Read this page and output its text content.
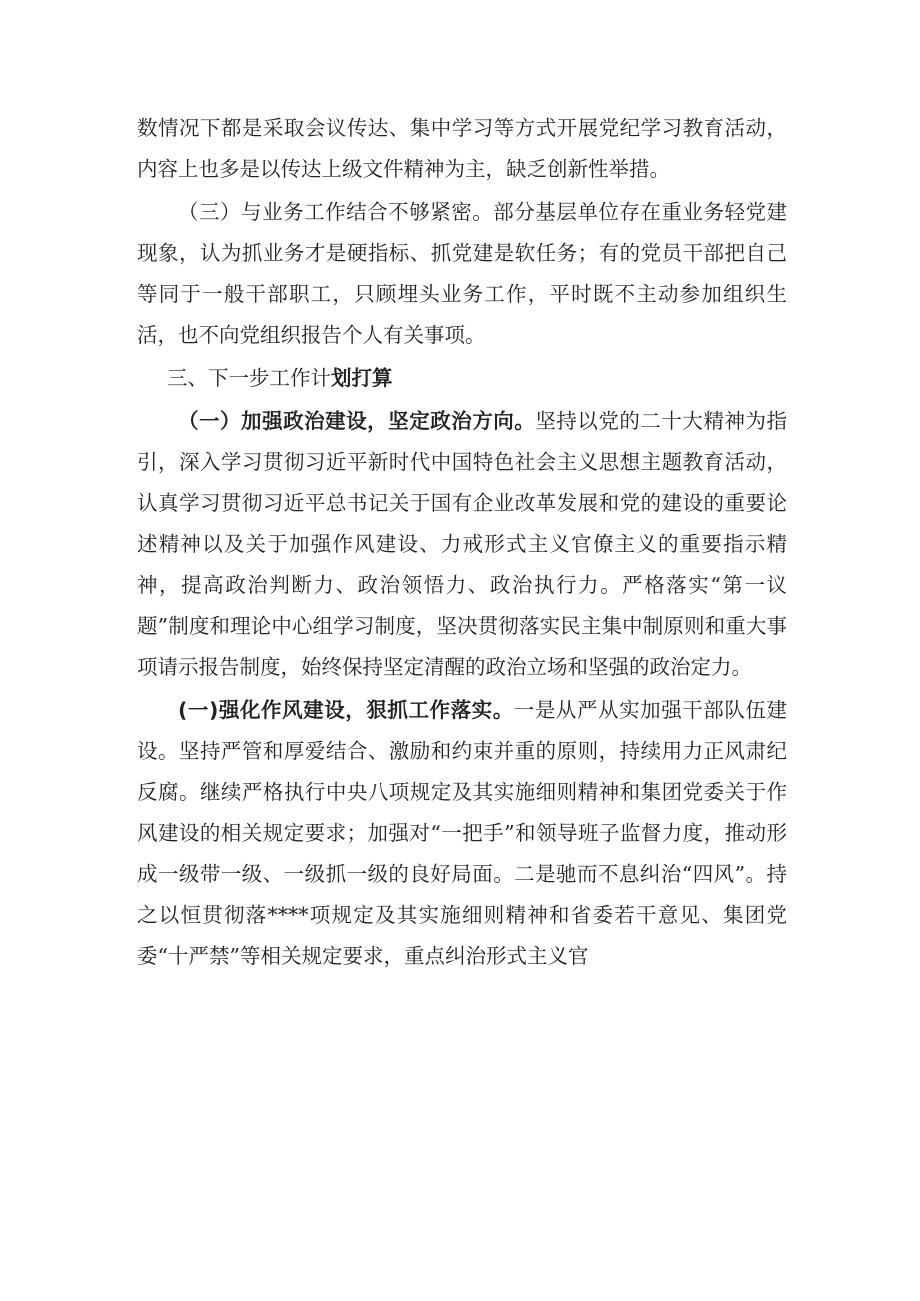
数情况下都是采取会议传达、集中学习等方式开展党纪学习教育活动，内容上也多是以传达上级文件精神为主，缺乏创新性举措。

（三）与业务工作结合不够紧密。部分基层单位存在重业务轻党建现象，认为抓业务才是硬指标、抓党建是软任务；有的党员干部把自己等同于一般干部职工，只顾埋头业务工作，平时既不主动参加组织生活，也不向党组织报告个人有关事项。

三、下一步工作计划打算

（一）加强政治建设，坚定政治方向。坚持以党的二十大精神为指引，深入学习贯彻习近平新时代中国特色社会主义思想主题教育活动，认真学习贯彻习近平总书记关于国有企业改革发展和党的建设的重要论述精神以及关于加强作风建设、力戒形式主义官僚主义的重要指示精神，提高政治判断力、政治领悟力、政治执行力。严格落实“第一议题”制度和理论中心组学习制度，坚决贯彻落实民主集中制原则和重大事项请示报告制度，始终保持坚定清醒的政治立场和坚强的政治定力。

(一)强化作风建设，狠抓工作落实。一是从严从实加强干部队伍建设。坚持严管和厚爱结合、激励和约束并重的原则，持续用力正风肃纪反腐。继续严格执行中央八项规定及其实施细则精神和集团党委关于作风建设的相关规定要求；加强对“一把手”和领导班子监督力度，推动形成一级带一级、一级抓一级的良好局面。二是驰而不息纠治“四风”。持之以恒贯彻落****项规定及其实施细则精神和省委若干意见、集团党委“十严禁”等相关规定要求，重点纠治形式主义官
